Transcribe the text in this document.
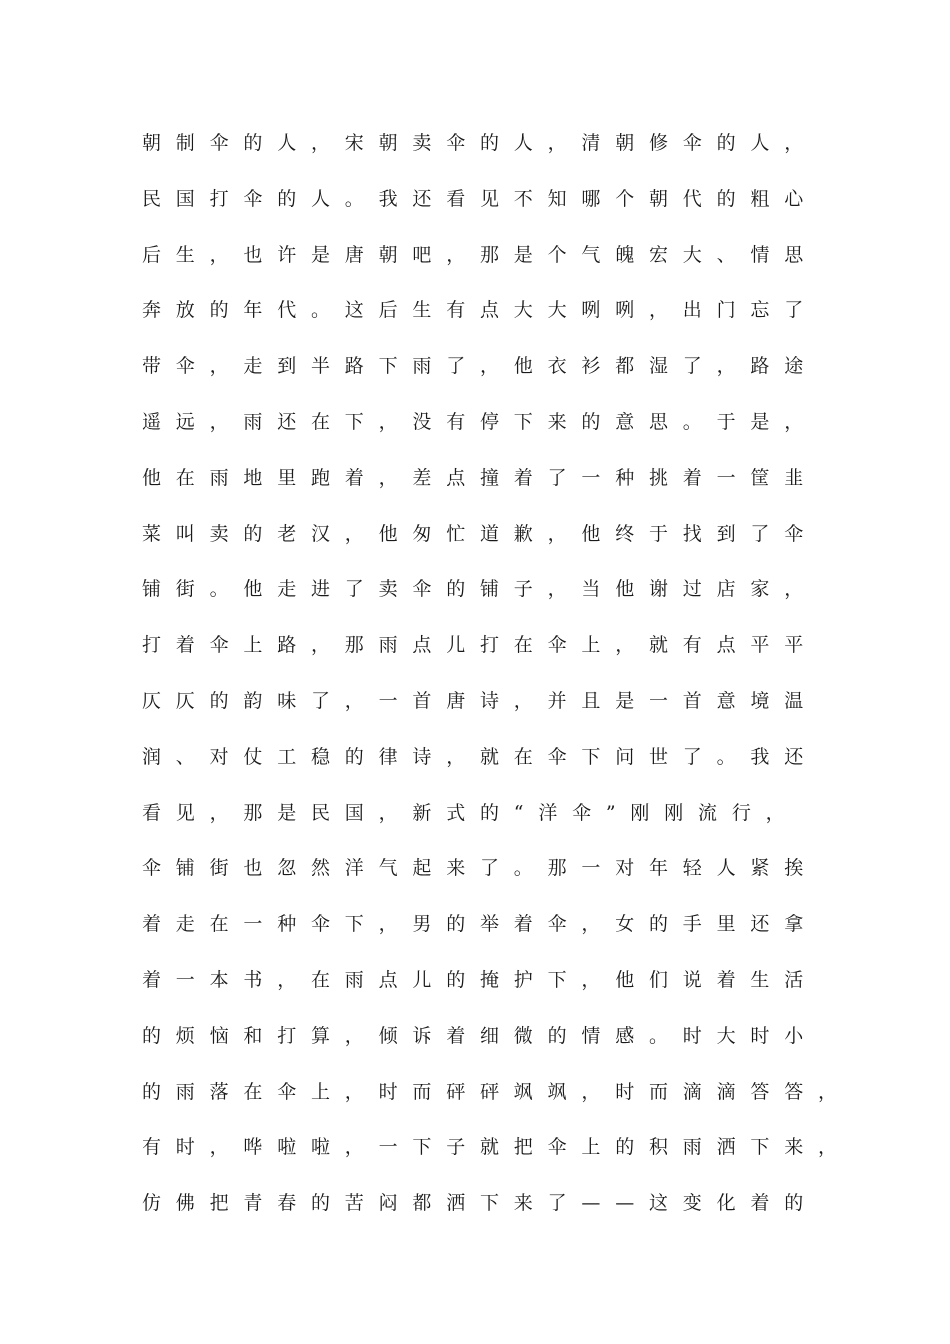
朝制伞的人，宋朝卖伞的人，清朝修伞的人，
民国打伞的人。我还看见不知哪个朝代的粗心
后生，也许是唐朝吧，那是个气魄宏大、情思
奔放的年代。这后生有点大大咧咧，出门忘了
带伞，走到半路下雨了，他衣衫都湿了，路途
遥远，雨还在下，没有停下来的意思。于是，
他在雨地里跑着，差点撞着了一种挑着一筐韭
菜叫卖的老汉，他匆忙道歉，他终于找到了伞
铺街。他走进了卖伞的铺子，当他谢过店家，
打着伞上路，那雨点儿打在伞上，就有点平平
仄仄的韵味了，一首唐诗，并且是一首意境温
润、对仗工稳的律诗，就在伞下问世了。我还
看见，那是民国，新式的“洋伞”刚刚流行，
伞铺街也忽然洋气起来了。那一对年轻人紧挨
着走在一种伞下，男的举着伞，女的手里还拿
着一本书，在雨点儿的掩护下，他们说着生活
的烦恼和打算，倾诉着细微的情感。时大时小
的雨落在伞上，时而砰砰飒飒，时而滴滴答答，
有时，哗啦啦，一下子就把伞上的积雨洒下来，
仿佛把青春的苦闷都洒下来了——这变化着的
